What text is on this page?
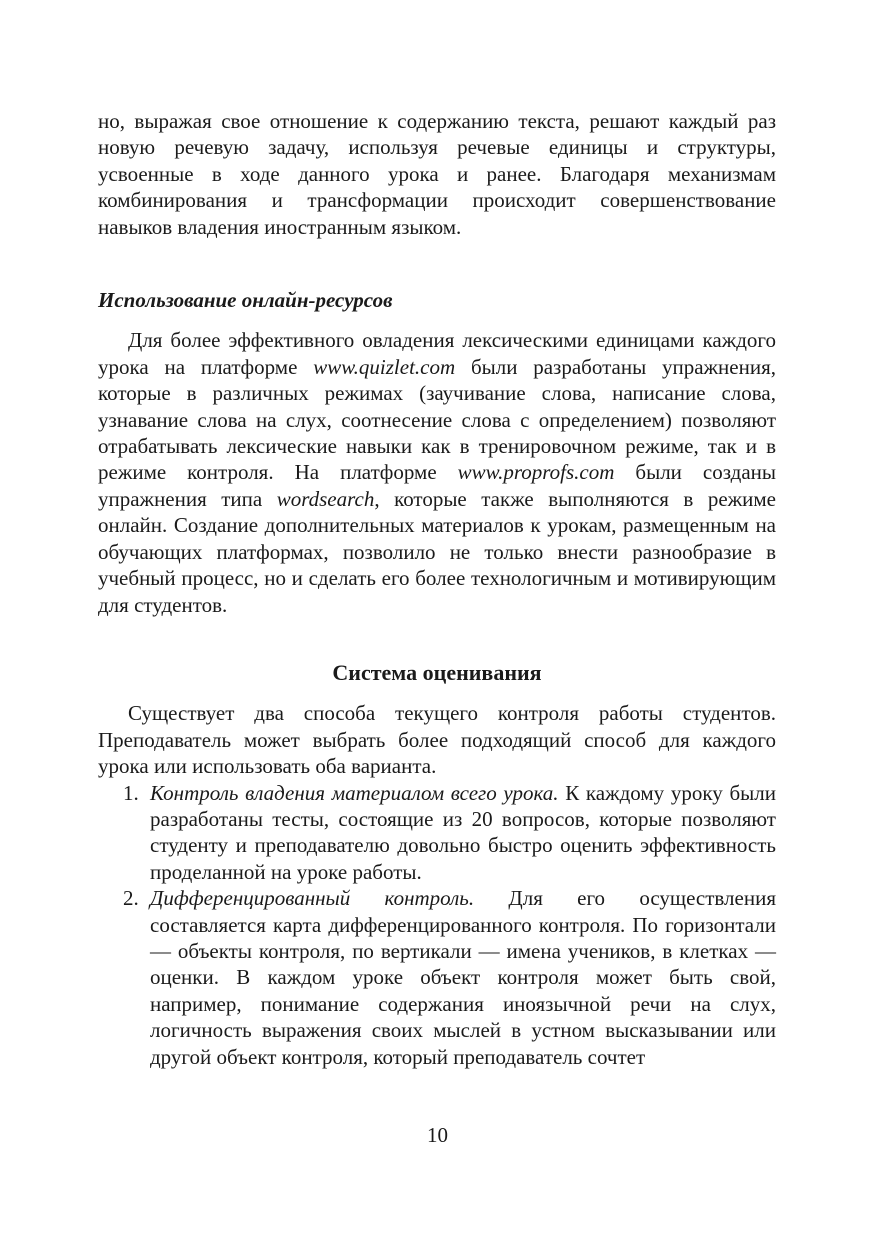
но, выражая свое отношение к содержанию текста, решают каждый раз новую речевую задачу, используя речевые единицы и структуры, усвоенные в ходе данного урока и ранее. Благодаря механизмам комбинирования и трансформации происходит совершенствование навыков владения иностранным языком.

Использование онлайн-ресурсов

Для более эффективного овладения лексическими единицами каждого урока на платформе www.quizlet.com были разработаны упражнения, которые в различных режимах (заучивание слова, написание слова, узнавание слова на слух, соотнесение слова с определением) позволяют отрабатывать лексические навыки как в тренировочном режиме, так и в режиме контроля. На платформе www.proprofs.com были созданы упражнения типа wordsearch, которые также выполняются в режиме онлайн. Создание дополнительных материалов к урокам, размещенным на обучающих платформах, позволило не только внести разнообразие в учебный процесс, но и сделать его более технологичным и мотивирующим для студентов.

Система оценивания

Существует два способа текущего контроля работы студентов. Преподаватель может выбрать более подходящий способ для каждого урока или использовать оба варианта.

1. Контроль владения материалом всего урока. К каждому уроку были разработаны тесты, состоящие из 20 вопросов, которые позволяют студенту и преподавателю довольно быстро оценить эффективность проделанной на уроке работы.
2. Дифференцированный контроль. Для его осуществления составляется карта дифференцированного контроля. По горизонтали — объекты контроля, по вертикали — имена учеников, в клетках — оценки. В каждом уроке объект контроля может быть свой, например, понимание содержания иноязычной речи на слух, логичность выражения своих мыслей в устном высказывании или другой объект контроля, который преподаватель сочтет
10
